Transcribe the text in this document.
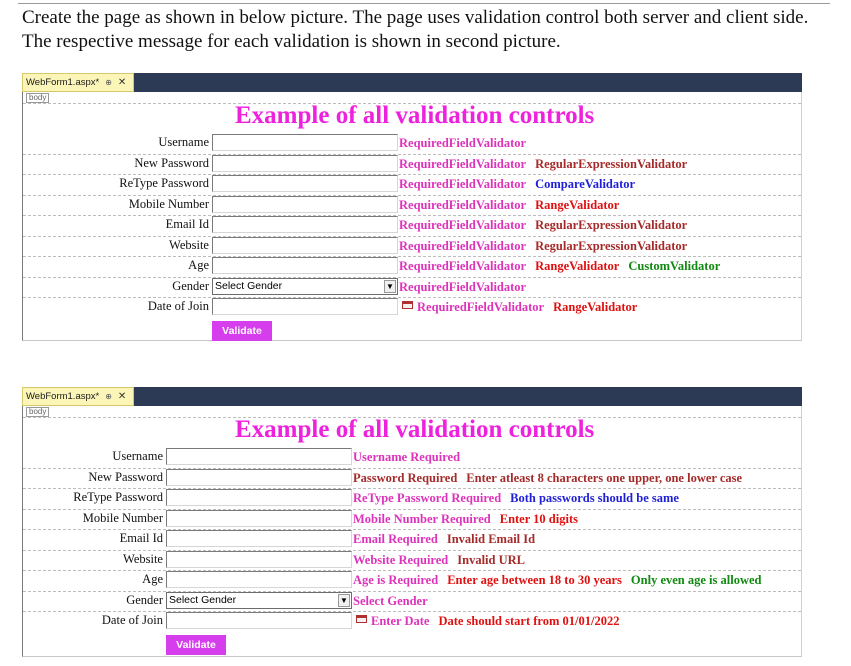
Create the page as shown in below picture. The page uses validation control both server and client side. The respective message for each validation is shown in second picture.
WebForm1.aspx* ⊕ ✕
body
Example of all validation controls
Username	RequiredFieldValidator
New Password	RequiredFieldValidator RegularExpressionValidator
ReType Password	RequiredFieldValidator CompareValidator
Mobile Number	RequiredFieldValidator RangeValidator
Email Id	RequiredFieldValidator RegularExpressionValidator
Website	RequiredFieldValidator RegularExpressionValidator
Age	RequiredFieldValidator RangeValidator CustomValidator
Gender Select Gender	▼ RequiredFieldValidator
Date of Join	RequiredFieldValidator RangeValidator
Validate
WebForm1.aspx* ⊕ ✕
body
Example of all validation controls
Username	Username Required
New Password	Password Required Enter atleast 8 characters one upper, one lower case
ReType Password	ReType Password Required Both passwords should be same
Mobile Number	Mobile Number Required Enter 10 digits
Email Id	Email Required Invalid Email Id
Website	Website Required Invalid URL
Age	Age is Required Enter age between 18 to 30 years Only even age is allowed
Gender Select Gender	▼ Select Gender
Date of Join	Enter Date Date should start from 01/01/2022
Validate
